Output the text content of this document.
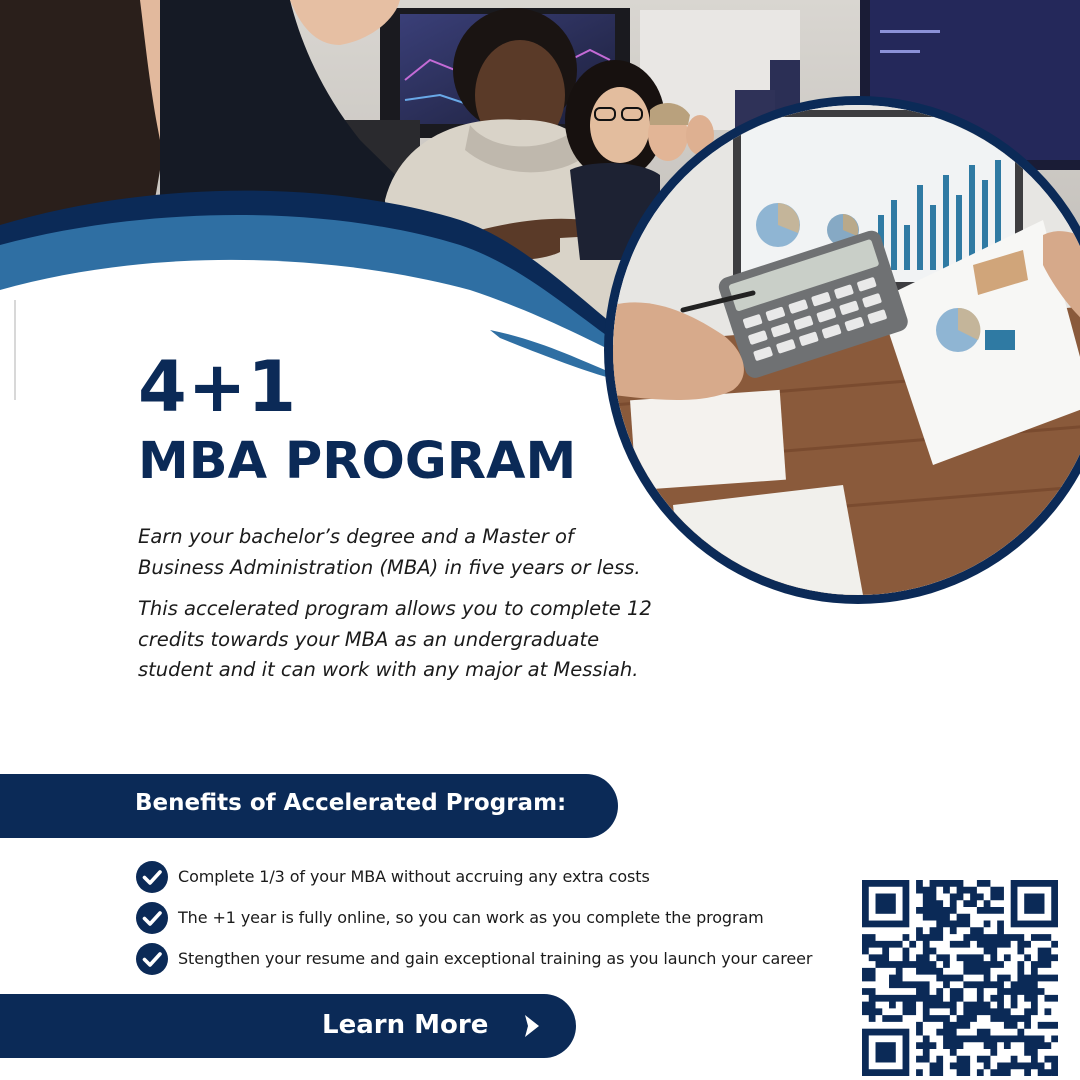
4+1
MBA PROGRAM

Earn your bachelor’s degree and a Master of Business Administration (MBA) in five years or less.

This accelerated program allows you to complete 12 credits towards your MBA as an undergraduate student and it can work with any major at Messiah.

Benefits of Accelerated Program:
Complete 1/3 of your MBA without accruing any extra costs
The +1 year is fully online, so you can work as you complete the program
Stengthen your resume and gain exceptional training as you launch your career
Learn More
